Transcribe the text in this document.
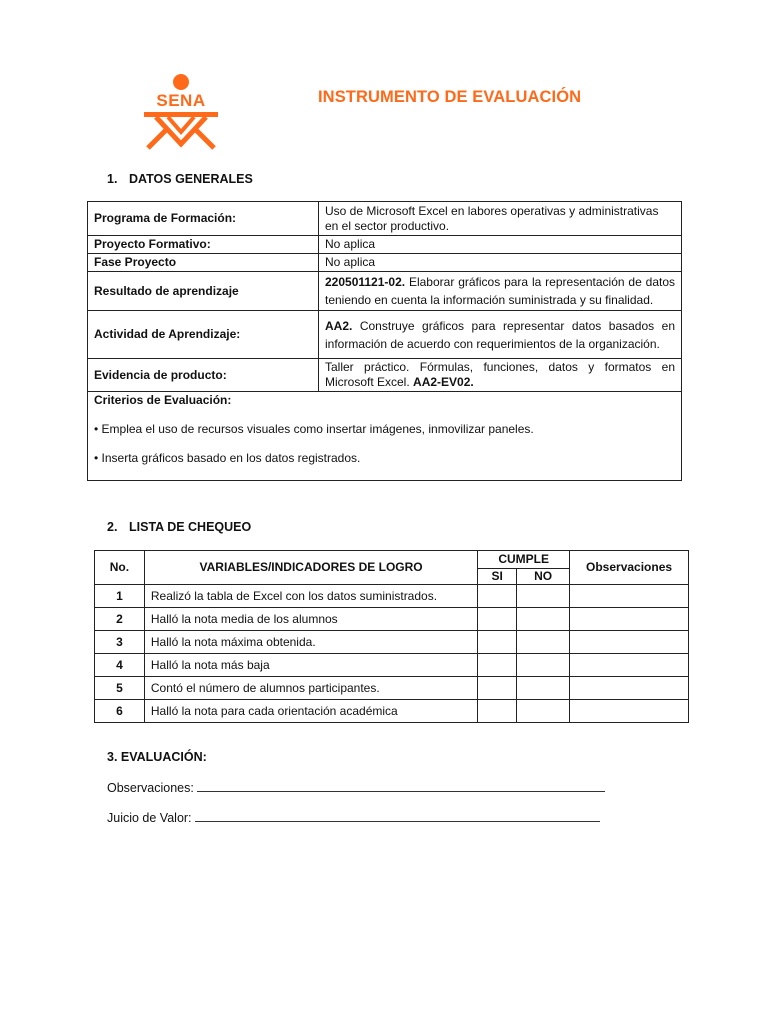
SENA	INSTRUMENTO DE EVALUACIÓN
1. DATOS GENERALES
Programa de Formación:	Uso de Microsoft Excel en labores operativas y administrativas en el sector productivo.
Proyecto Formativo:	No aplica
Fase Proyecto	No aplica
Resultado de aprendizaje	220501121-02. Elaborar gráficos para la representación de datos teniendo en cuenta la información suministrada y su finalidad.
Actividad de Aprendizaje:	AA2. Construye gráficos para representar datos basados en información de acuerdo con requerimientos de la organización.
Evidencia de producto:	Taller práctico. Fórmulas, funciones, datos y formatos en Microsoft Excel. AA2-EV02.

Criterios de Evaluación:
• Emplea el uso de recursos visuales como insertar imágenes, inmovilizar paneles.
• Inserta gráficos basado en los datos registrados.	
2. LISTA DE CHEQUEO
No.	VARIABLES/INDICADORES DE LOGRO	CUMPLE		Observaciones
		SI	NO	
1	Realizó la tabla de Excel con los datos suministrados.			
2	Halló la nota media de los alumnos			
3	Halló la nota máxima obtenida.			
4	Halló la nota más baja			
5	Contó el número de alumnos participantes.			
6	Halló la nota para cada orientación académica			
3. EVALUACIÓN:
Observaciones:
Juicio de Valor:
